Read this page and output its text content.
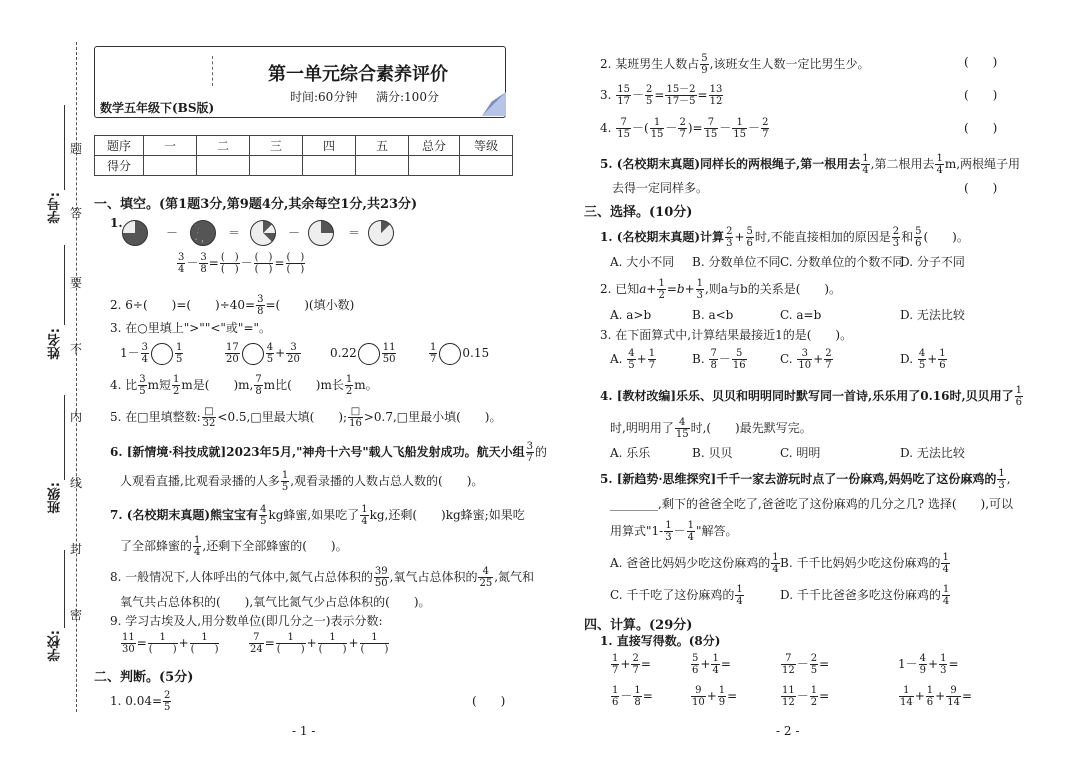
题
答
要
不
内
线
封
密
学号:
姓名:
班级:
学校:
第一单元综合素养评价
时间:60分钟 满分:100分
数学五年级下(BS版)
题序	一	二	三	四	五	总分	等级
得分							
一、填空。(第1题3分,第9题4分,其余每空1分,共23分)
1.
－	＝	－	＝
$\frac{3}{4} - \frac{3}{8} = \frac{( )}{( )} - \frac{( )}{( )} = \frac{( )}{( )}$
2. 6÷(　　)=(　　)$\div 40= \frac{3}{8}$ =(　　)(填小数)
3. 在○里填上">""<"或"="。
$1- \frac{3}{4}$	$\frac{1}{5}$	$\frac{17}{20}$	$\frac{4}{5} + \frac{3}{20} 0.22$	$\frac{11}{50}$	$\frac{1}{7} 0.15$
4. 比 $\frac{3}{5}$ m短 $\frac{1}{2}$ m是(　　)m, $\frac{7}{8}$ m比(　　)m长 $\frac{1}{2}$ m。
5. 在□里填整数: $\frac{□}{32}$ <0.5,□里最大填(　　); $\frac{□}{16}$ >0.7,□里最小填(　　)。
6. [新情境·科技成就]2023年5月,"神舟十六号"载人飞船发射成功。航天小组 $\frac{3}{7}$ 的
人观看直播,比观看录播的人多 $\frac{1}{5}$ ,观看录播的人数占总人数的(　　)。
7. (名校期末真题)熊宝宝有 $\frac{4}{5}$ kg蜂蜜,如果吃了 $\frac{1}{4}$ kg,还剩(　　)kg蜂蜜;如果吃
了全部蜂蜜的 $\frac{1}{4}$ ,还剩下全部蜂蜜的(　　)。
8. 一般情况下,人体呼出的气体中,氮气占总体积的 $\frac{39}{50}$ ,氧气占总体积的 $\frac{4}{25}$ ,氮气和
氧气共占总体积的(　　),氧气比氮气少占总体积的(　　)。
9. 学习古埃及人,用分数单位(即几分之一)表示分数:
$\frac{11}{30} = \frac{1}{( )} + \frac{1}{( )}$	$\frac{7}{24} = \frac{1}{( )} + \frac{1}{( )} + \frac{1}{( )}$
二、判断。(5分)
1. $0.04= \frac{2}{5}$	(　　)
- 1 -
2. 某班男生人数占 $\frac{5}{9}$ ,该班女生人数一定比男生少。	(　　)
3. $\frac{15}{17} - \frac{2}{5} = \frac{15-2}{17-5} = \frac{13}{12}$	(　　)
4. $\frac{7}{15}$ －( $\frac{1}{15} - \frac{2}{7}$ )= $\frac{7}{15} - \frac{1}{15} - \frac{2}{7}$	(　　)
5. (名校期末真题)同样长的两根绳子,第一根用去 $\frac{1}{4}$ ,第二根用去 $\frac{1}{4} m$,两根绳子用
去得一定同样多。	(　　)
三、选择。(10分)
1. (名校期末真题)计算 $\frac{2}{3} + \frac{5}{6}$ 时,不能直接相加的原因是 $\frac{2}{3}$ 和 $\frac{5}{6}$ (　　)。
A. 大小不同 B. 分数单位不同 C. 分数单位的个数不同
D. 分子不同
2. 已知$a+ \frac{1}{2} =b+ \frac{1}{3}$ ,则a与b的关系是(　　)。
A. a>b	B. a<b	C. a=b	D. 无法比较
3. 在下面算式中,计算结果最接近1的是(　　)。
A. $\frac{4}{5} + \frac{1}{7}$	B. $\frac{7}{8} - \frac{5}{16}$	C. $\frac{3}{10} + \frac{2}{7}$	D. $\frac{4}{5} + \frac{1}{6}$
4. [教材改编]乐乐、贝贝和明明同时默写同一首诗,乐乐用了0.16时,贝贝用了 $\frac{1}{6}$
时,明明用了 $\frac{4}{15}$ 时,(　　)最先默写完。
A. 乐乐	B. 贝贝	C. 明明	D. 无法比较
5. [新趋势·思维探究]千千一家去游玩时点了一份麻鸡,妈妈吃了这份麻鸡的 $\frac{1}{3}$ ,
________,剩下的爸爸全吃了,爸爸吃了这份麻鸡的几分之几? 选择(　　),可以
用算式"$1- \frac{1}{3} - \frac{1}{4}$ "解答。
A. 爸爸比妈妈少吃这份麻鸡的 $\frac{1}{4} B$. 千千比妈妈少吃这份麻鸡的 $\frac{1}{4}$
C. 千千吃了这份麻鸡的 $\frac{1}{4}$	D. 千千比爸爸多吃这份麻鸡的 $\frac{1}{4}$
四、计算。(29分)
1. 直接写得数。(8分)
$\frac{1}{7} + \frac{2}{7}$ =	$\frac{5}{6} + \frac{1}{4}$ =	$\frac{7}{12} - \frac{2}{5}$ =	$1- \frac{4}{9} + \frac{1}{3}$ =
$\frac{1}{6} - \frac{1}{8}$ =	$\frac{9}{10} + \frac{1}{9}$ =	$\frac{11}{12} - \frac{1}{2}$ =	$\frac{1}{14} + \frac{1}{6} + \frac{9}{14}$ =
- 2 -
